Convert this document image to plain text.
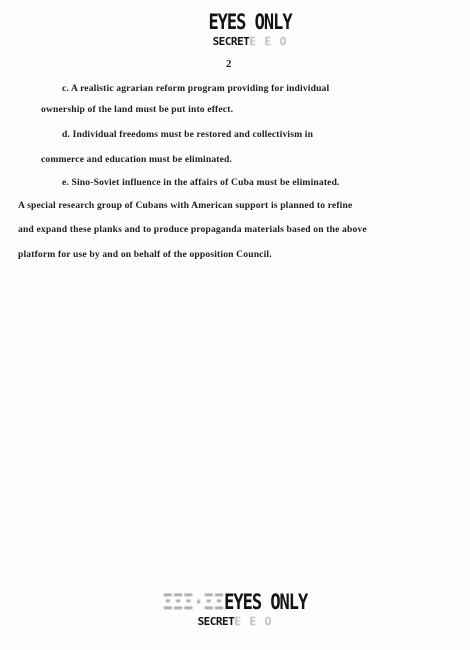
EYES ONLY
SECRETΕ Ε Ο
2
c. A realistic agrarian reform program providing for individual
ownership of the land must be put into effect.
d. Individual freedoms must be restored and collectivism in
commerce and education must be eliminated.
e. Sino-Soviet influence in the affairs of Cuba must be eliminated.
A special research group of Cubans with American support is planned to refine
and expand these planks and to produce propaganda materials based on the above
platform for use by and on behalf of the opposition Council.
ΞΞΞ·ΞΞEYES ONLY
SECRETΕ Ε Ο
